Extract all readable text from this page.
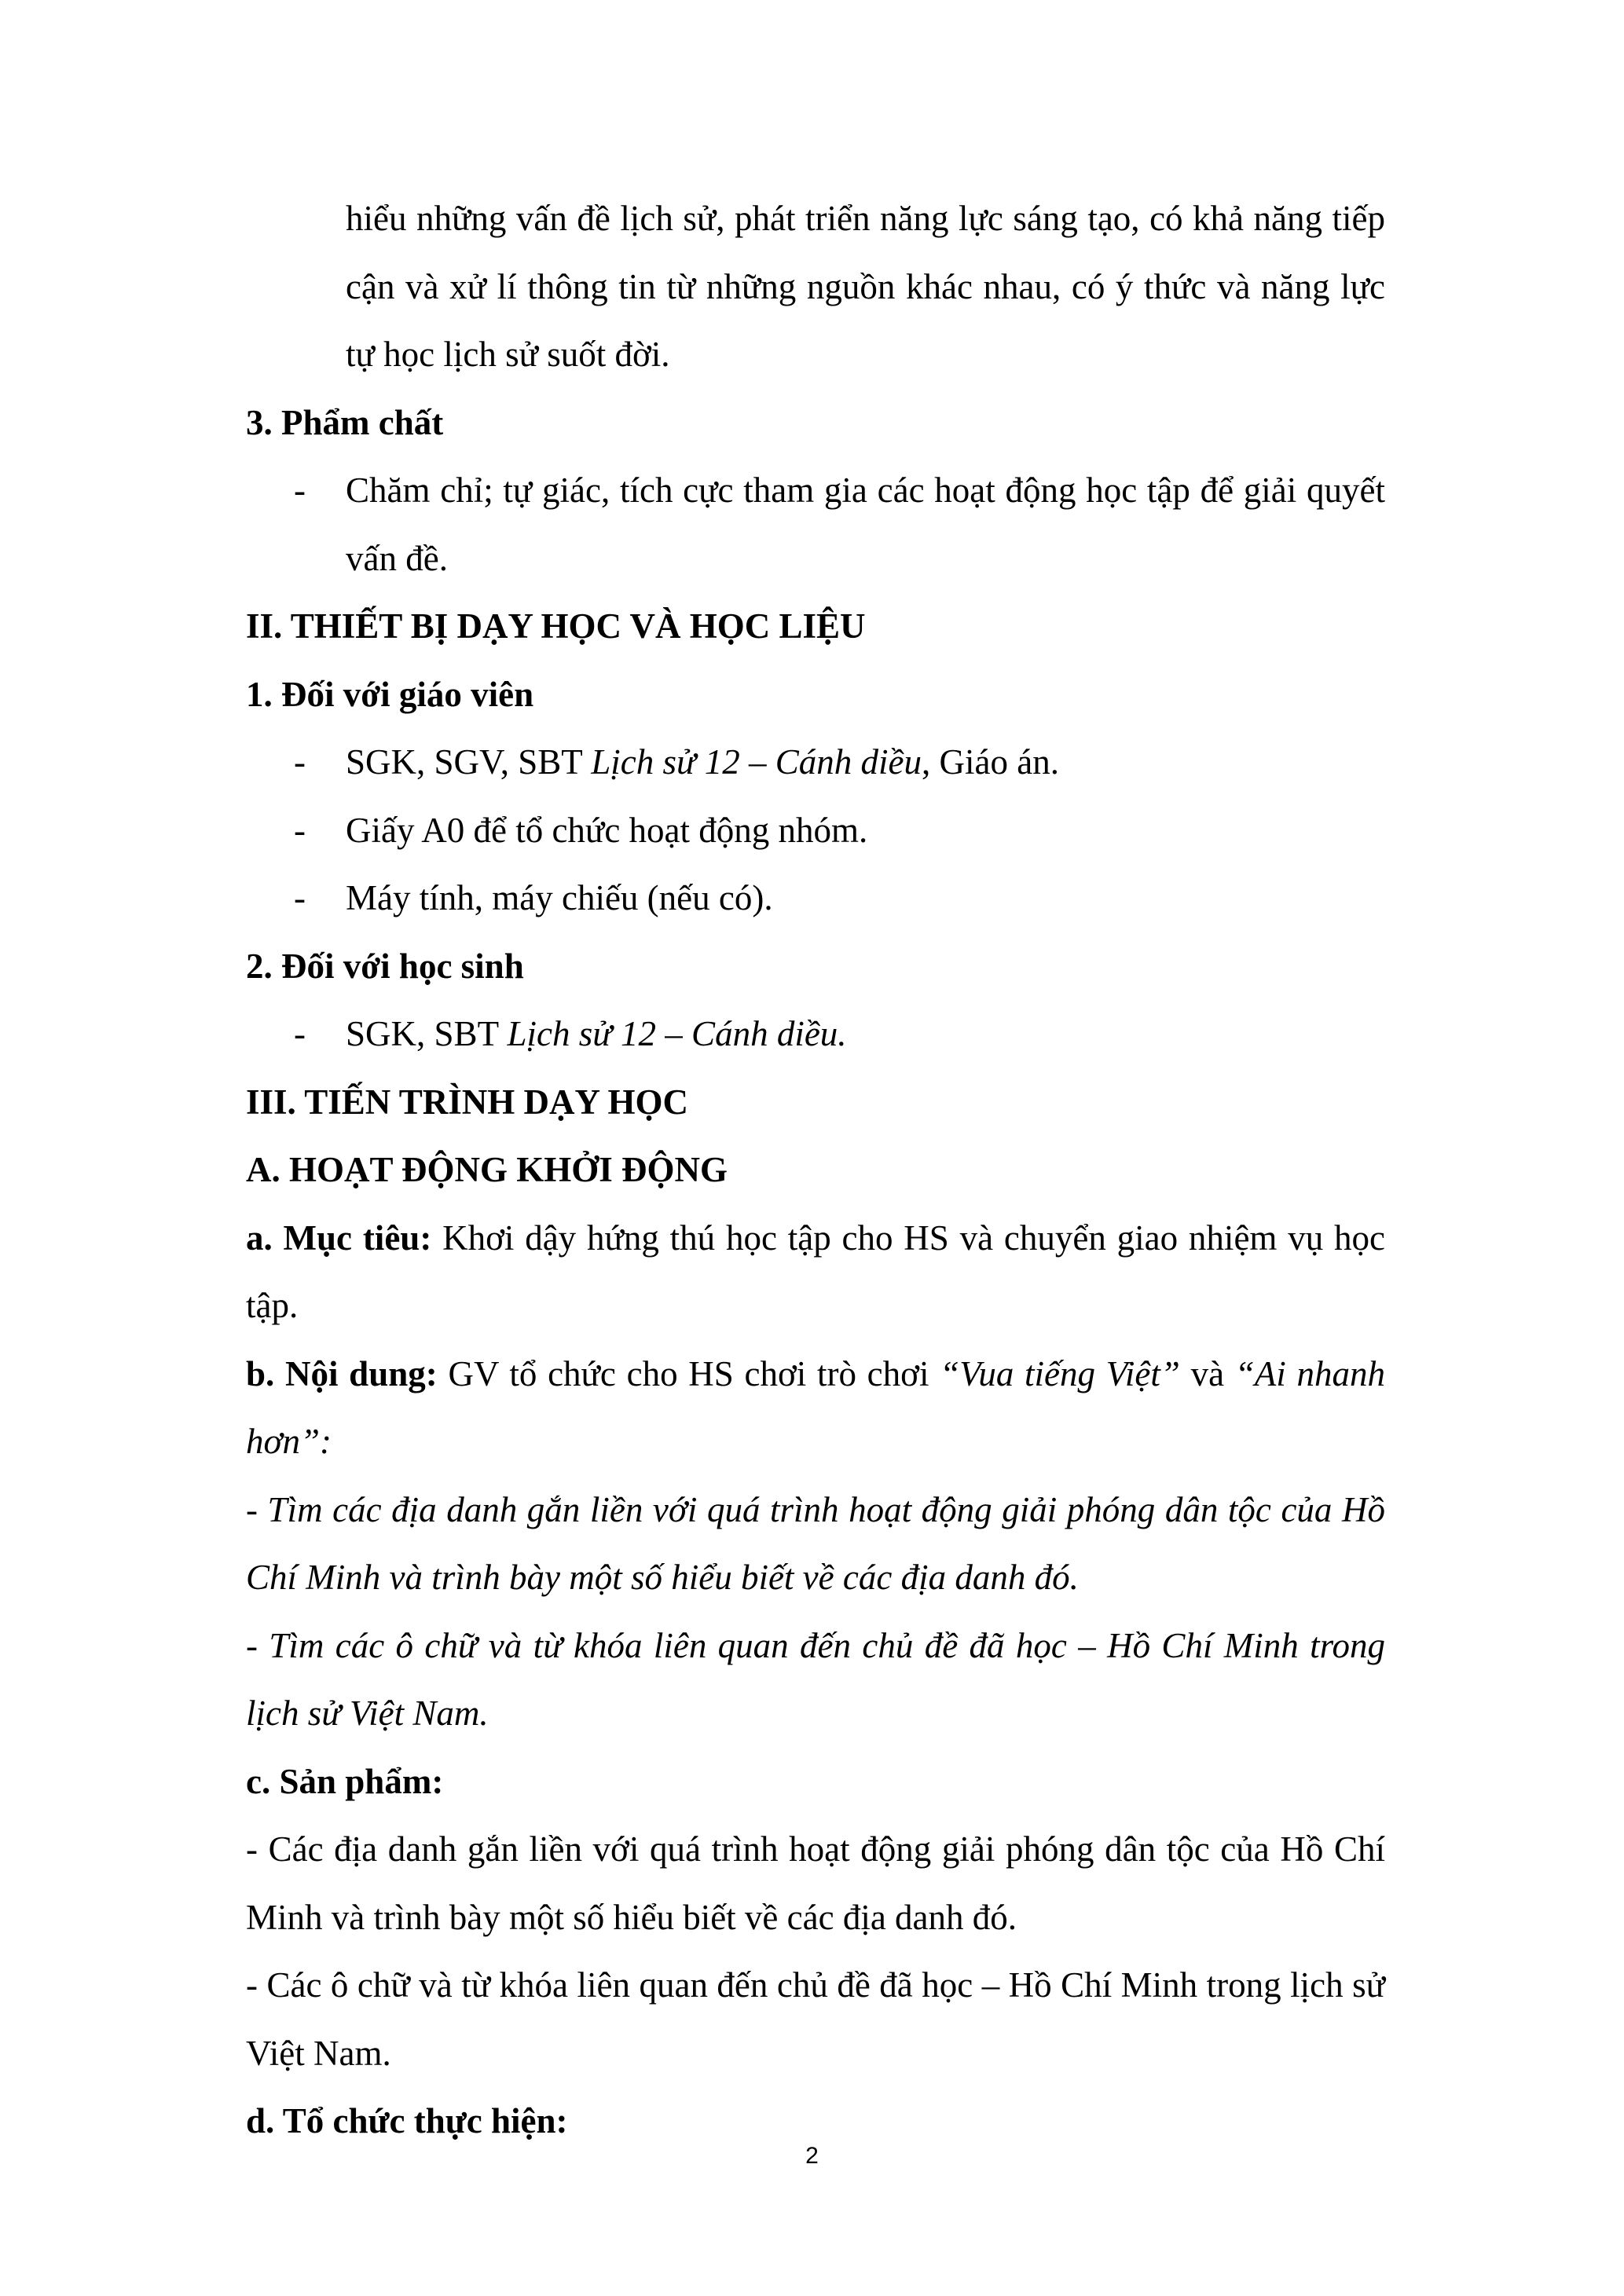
hiểu những vấn đề lịch sử, phát triển năng lực sáng tạo, có khả năng tiếp cận và xử lí thông tin từ những nguồn khác nhau, có ý thức và năng lực tự học lịch sử suốt đời.

3. Phẩm chất

- Chăm chỉ; tự giác, tích cực tham gia các hoạt động học tập để giải quyết vấn đề.

II. THIẾT BỊ DẠY HỌC VÀ HỌC LIỆU

1. Đối với giáo viên

- SGK, SGV, SBT Lịch sử 12 – Cánh diều, Giáo án.

- Giấy A0 để tổ chức hoạt động nhóm.

- Máy tính, máy chiếu (nếu có).

2. Đối với học sinh

- SGK, SBT Lịch sử 12 – Cánh diều.

III. TIẾN TRÌNH DẠY HỌC

A. HOẠT ĐỘNG KHỞI ĐỘNG

a. Mục tiêu: Khơi dậy hứng thú học tập cho HS và chuyển giao nhiệm vụ học tập.

b. Nội dung: GV tổ chức cho HS chơi trò chơi “Vua tiếng Việt” và “Ai nhanh hơn”:

- Tìm các địa danh gắn liền với quá trình hoạt động giải phóng dân tộc của Hồ Chí Minh và trình bày một số hiểu biết về các địa danh đó.

- Tìm các ô chữ và từ khóa liên quan đến chủ đề đã học – Hồ Chí Minh trong lịch sử Việt Nam.

c. Sản phẩm:

- Các địa danh gắn liền với quá trình hoạt động giải phóng dân tộc của Hồ Chí Minh và trình bày một số hiểu biết về các địa danh đó.

- Các ô chữ và từ khóa liên quan đến chủ đề đã học – Hồ Chí Minh trong lịch sử Việt Nam.

d. Tổ chức thực hiện:

2
